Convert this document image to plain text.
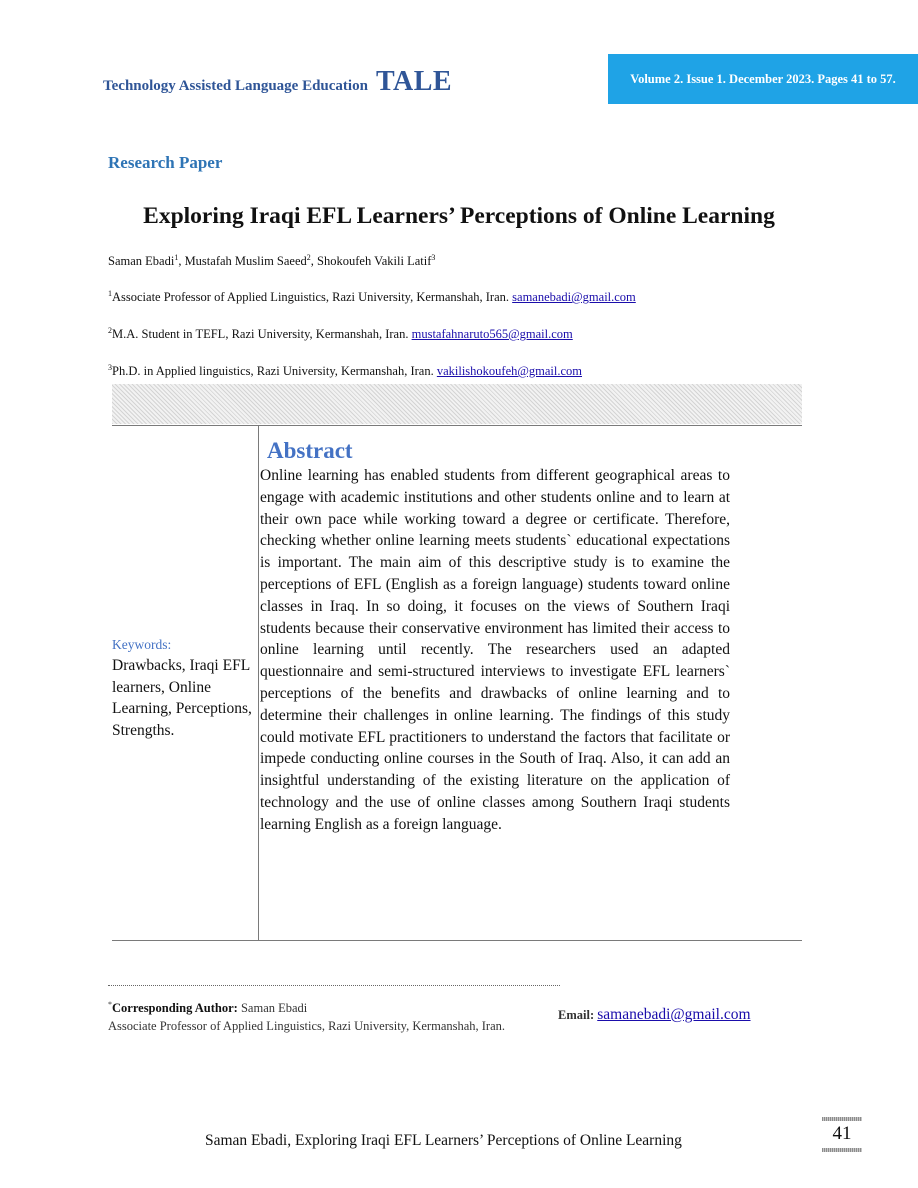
Technology Assisted Language Education TALE	Volume 2. Issue 1. December 2023. Pages 41 to 57.
Research Paper
Exploring Iraqi EFL Learners’ Perceptions of Online Learning
Saman Ebadi$^1$, Mustafah Muslim Saeed$^2$, Shokoufeh Vakili Latif$^3$
$^1$Associate Professor of Applied Linguistics, Razi University, Kermanshah, Iran. samanebadi@gmail.com
$^2$M.A. Student in TEFL, Razi University, Kermanshah, Iran. mustafahnaruto565@gmail.com
$^3$Ph.D. in Applied linguistics, Razi University, Kermanshah, Iran. vakilishokoufeh@gmail.com
Keywords:
Drawbacks, Iraqi EFL learners, Online Learning, Perceptions, Strengths.
Abstract
Online learning has enabled students from different geographical areas to engage with academic institutions and other students online and to learn at their own pace while working toward a degree or certificate. Therefore, checking whether online learning meets students` educational expectations is important. The main aim of this descriptive study is to examine the perceptions of EFL (English as a foreign language) students toward online classes in Iraq. In so doing, it focuses on the views of Southern Iraqi students because their conservative environment has limited their access to online learning until recently. The researchers used an adapted questionnaire and semi-structured interviews to investigate EFL learners` perceptions of the benefits and drawbacks of online learning and to determine their challenges in online learning. The findings of this study could motivate EFL practitioners to understand the factors that facilitate or impede conducting online courses in the South of Iraq. Also, it can add an insightful understanding of the existing literature on the application of technology and the use of online classes among Southern Iraqi students learning English as a foreign language.
*Corresponding Author: Saman Ebadi
Associate Professor of Applied Linguistics, Razi University, Kermanshah, Iran.
Email: samanebadi@gmail.com
Saman Ebadi, Exploring Iraqi EFL Learners’ Perceptions of Online Learning	41
